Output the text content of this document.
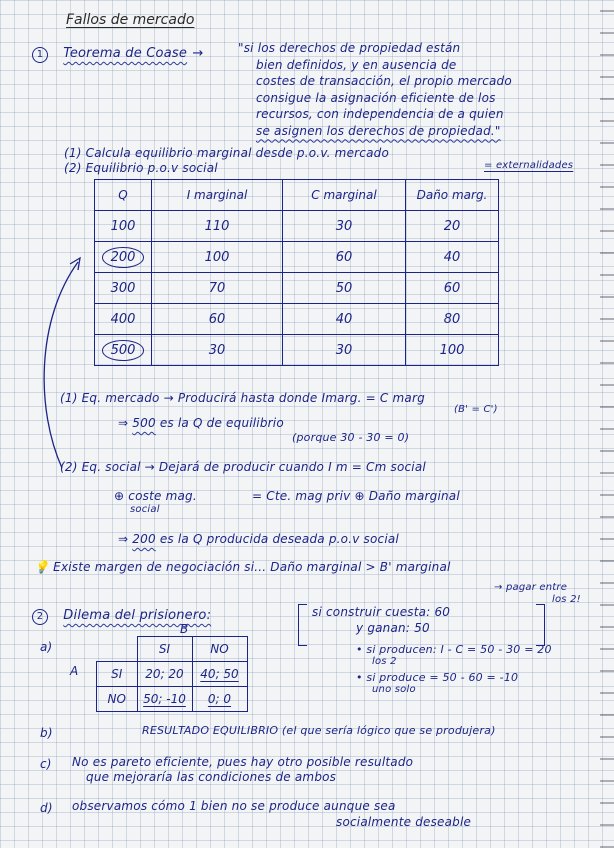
Fallos de mercado
1 Teorema de Coase →	"si los derechos de propiedad están
bien definidos, y en ausencia de
costes de transacción, el propio mercado
consigue la asignación eficiente de los
recursos, con independencia de a quien
se asignen los derechos de propiedad."
(1) Calcula equilibrio marginal desde p.o.v. mercado
(2) Equilibrio p.o.v social	= externalidades
Q	I marginal	C marginal	Daño marg.
100	110	30	20
200	100	60	40
300	70	50	60
400	60	40	80
500	30	30	100
(1) Eq. mercado → Producirá hasta donde Imarg. = C marg
(B' = C')
⇒ 500 es la Q de equilibrio
(porque 30 - 30 = 0)
(2) Eq. social → Dejará de producir cuando I m = Cm social
⊕ coste mag.
social
= Cte. mag priv ⊕ Daño marginal
⇒ 200 es la Q producida deseada p.o.v social
💡 Existe margen de negociación si... Daño marginal > B' marginal
→ pagar entre
los 2!
2 Dilema del prisionero:
a)
B
A
	SI	NO
SI	20; 20	40; 50
NO	50; -10	0; 0
si construir cuesta: 60
y ganan: 50
• si producen: I - C = 50 - 30 = 20
los 2
• si produce = 50 - 60 = -10
uno solo
b)	RESULTADO EQUILIBRIO (el que sería lógico que se produjera)
c) No es pareto eficiente, pues hay otro posible resultado
que mejoraría las condiciones de ambos
d) observamos cómo 1 bien no se produce aunque sea
socialmente deseable
